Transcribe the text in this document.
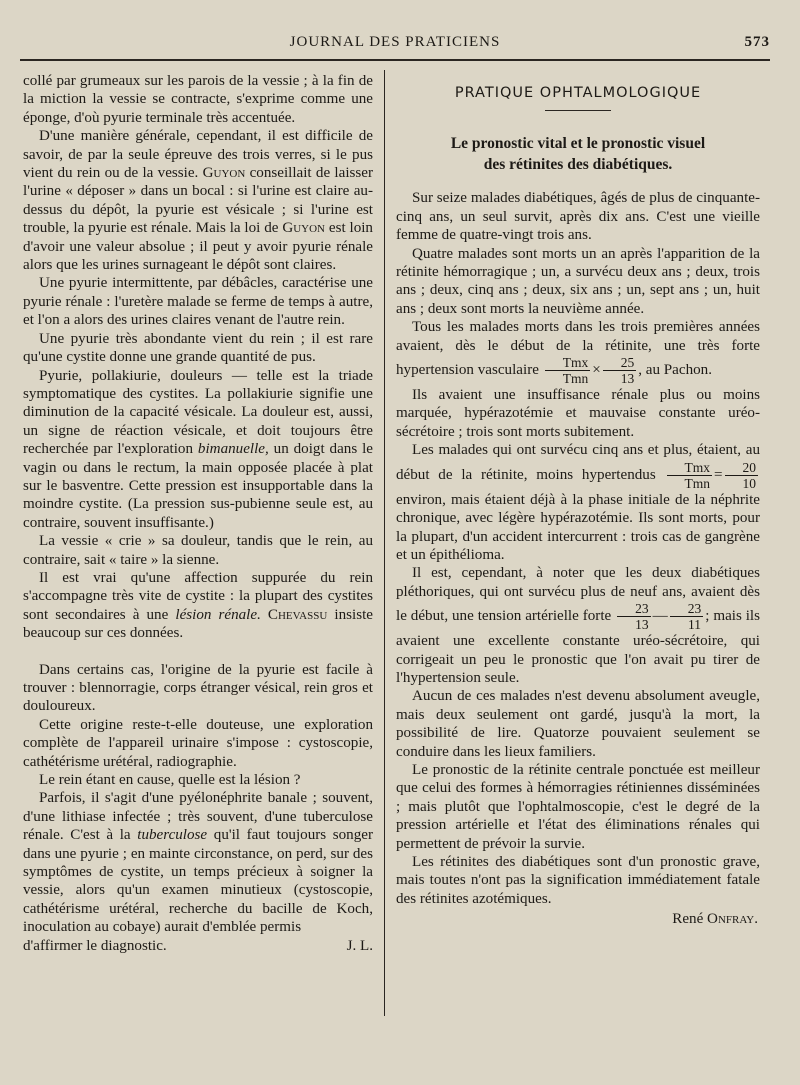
JOURNAL DES PRATICIENS	573

collé par grumeaux sur les parois de la vessie ; à la fin de la miction la vessie se contracte, s'exprime comme une éponge, d'où pyurie terminale très accentuée.

D'une manière générale, cependant, il est difficile de savoir, de par la seule épreuve des trois verres, si le pus vient du rein ou de la vessie. Guyon conseillait de laisser l'urine « déposer » dans un bocal : si l'urine est claire au-dessus du dépôt, la pyurie est vésicale ; si l'urine est trouble, la pyurie est rénale. Mais la loi de Guyon est loin d'avoir une valeur absolue ; il peut y avoir pyurie rénale alors que les urines surnageant le dépôt sont claires.

Une pyurie intermittente, par débâcles, caractérise une pyurie rénale : l'uretère malade se ferme de temps à autre, et l'on a alors des urines claires venant de l'autre rein.

Une pyurie très abondante vient du rein ; il est rare qu'une cystite donne une grande quantité de pus.

Pyurie, pollakiurie, douleurs — telle est la triade symptomatique des cystites. La pollakiurie signifie une diminution de la capacité vésicale. La douleur est, aussi, un signe de réaction vésicale, et doit toujours être recherchée par l'exploration bimanuelle, un doigt dans le vagin ou dans le rectum, la main opposée placée à plat sur le basventre. Cette pression est insupportable dans la moindre cystite. (La pression sus-pubienne seule est, au contraire, souvent insuffisante.)

La vessie « crie » sa douleur, tandis que le rein, au contraire, sait « taire » la sienne.

Il est vrai qu'une affection suppurée du rein s'accompagne très vite de cystite : la plupart des cystites sont secondaires à une lésion rénale. Chevassu insiste beaucoup sur ces données.

Dans certains cas, l'origine de la pyurie est facile à trouver : blennorragie, corps étranger vésical, rein gros et douloureux.

Cette origine reste-t-elle douteuse, une exploration complète de l'appareil urinaire s'impose : cystoscopie, cathétérisme urétéral, radiographie.

Le rein étant en cause, quelle est la lésion ?

Parfois, il s'agit d'une pyélonéphrite banale ; souvent, d'une lithiase infectée ; très souvent, d'une tuberculose rénale. C'est à la tuberculose qu'il faut toujours songer dans une pyurie ; en mainte circonstance, on perd, sur des symptômes de cystite, un temps précieux à soigner la vessie, alors qu'un examen minutieux (cystoscopie, cathétérisme urétéral, recherche du bacille de Koch, inoculation au cobaye) aurait d'emblée permis

d'affirmer le diagnostic.	J. L.
PRATIQUE OPHTALMOLOGIQUE
Le pronostic vital et le pronostic visuel
des rétinites des diabétiques.

Sur seize malades diabétiques, âgés de plus de cinquante-cinq ans, un seul survit, après dix ans. C'est une vieille femme de quatre-vingt trois ans.

Quatre malades sont morts un an après l'apparition de la rétinite hémorragique ; un, a survécu deux ans ; deux, trois ans ; deux, cinq ans ; deux, six ans ; un, sept ans ; un, huit ans ; deux sont morts la neuvième année.

Tous les malades morts dans les trois premières années avaient, dès le début de la rétinite, une très forte hypertension vasculaire $\frac{\text{Tmx}}{\text{Tmn}} \times \frac{25}{13}$ , au Pachon.

Ils avaient une insuffisance rénale plus ou moins marquée, hypérazotémie et mauvaise constante uréo-sécrétoire ; trois sont morts subitement.

Les malades qui ont survécu cinq ans et plus, étaient, au début de la rétinite, moins hypertendus $\frac{\text{Tmx}}{\text{Tmn}} = \frac{20}{10}$
environ, mais étaient déjà à la phase initiale de la néphrite chronique, avec légère hypérazotémie. Ils sont morts, pour la plupart, d'un accident intercurrent : trois cas de gangrène et un épithélioma.

Il est, cependant, à noter que les deux diabétiques pléthoriques, qui ont survécu plus de neuf ans, avaient dès le début, une tension artérielle forte $\frac{23}{13}$ — $\frac{23}{11}$ ; mais ils avaient une excellente constante uréo-sécrétoire, qui corrigeait un peu le pronostic que l'on avait pu tirer de l'hypertension seule.

Aucun de ces malades n'est devenu absolument aveugle, mais deux seulement ont gardé, jusqu'à la mort, la possibilité de lire. Quatorze pouvaient seulement se conduire dans les lieux familiers.

Le pronostic de la rétinite centrale ponctuée est meilleur que celui des formes à hémorragies rétiniennes disséminées ; mais plutôt que l'ophtalmoscopie, c'est le degré de la pression artérielle et l'état des éliminations rénales qui permettent de prévoir la survie.

Les rétinites des diabétiques sont d'un pronostic grave, mais toutes n'ont pas la signification immédiatement fatale des rétinites azotémiques.

René Onfray.
